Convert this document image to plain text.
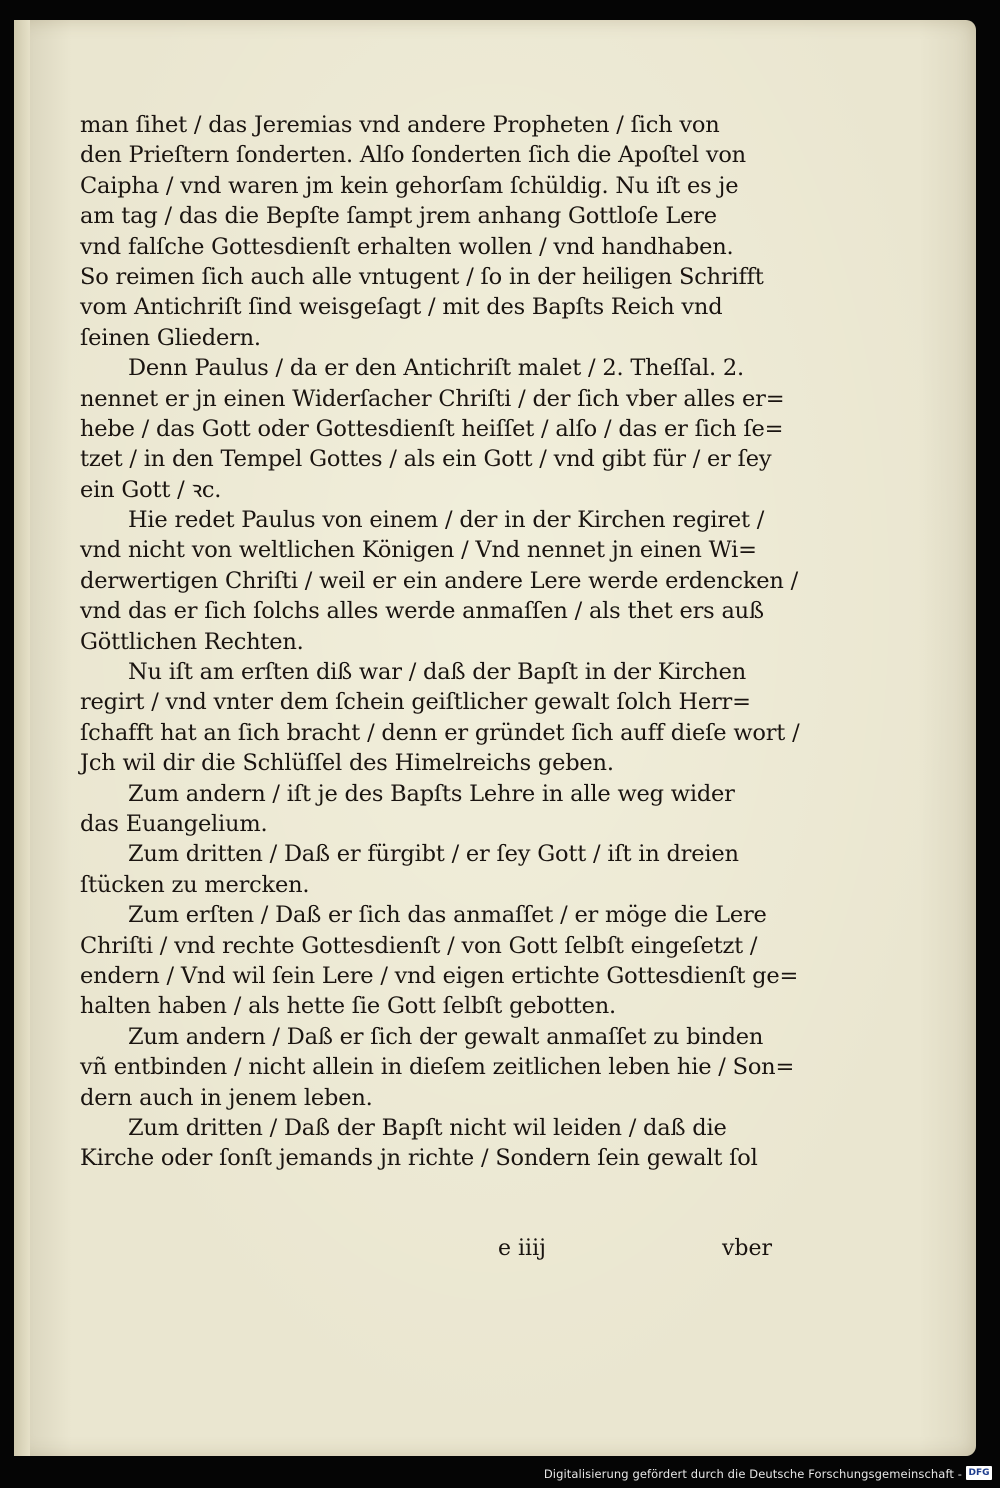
man ſihet / das Jeremias vnd andere Propheten / ſich von
den Prieſtern ſonderten. Alſo ſonderten ſich die Apoſtel von
Caipha / vnd waren jm kein gehorſam ſchüldig. Nu iſt es je
am tag / das die Bepſte ſampt jrem anhang Gottloſe Lere
vnd falſche Gottesdienſt erhalten wollen / vnd handhaben.
So reimen ſich auch alle vntugent / ſo in der heiligen Schrifft
vom Antichriſt ſind weisgeſagt / mit des Bapſts Reich vnd
ſeinen Gliedern.
Denn Paulus / da er den Antichriſt malet / 2. Theſſal. 2.
nennet er jn einen Widerſacher Chriſti / der ſich vber alles er=
hebe / das Gott oder Gottesdienſt heiſſet / alſo / das er ſich ſe=
tzet / in den Tempel Gottes / als ein Gott / vnd gibt für / er ſey
ein Gott / ꝛc.
Hie redet Paulus von einem / der in der Kirchen regiret /
vnd nicht von weltlichen Königen / Vnd nennet jn einen Wi=
derwertigen Chriſti / weil er ein andere Lere werde erdencken /
vnd das er ſich ſolchs alles werde anmaſſen / als thet ers auß
Göttlichen Rechten.
Nu iſt am erſten diß war / daß der Bapſt in der Kirchen
regirt / vnd vnter dem ſchein geiſtlicher gewalt ſolch Herr=
ſchafft hat an ſich bracht / denn er gründet ſich auff dieſe wort /
Jch wil dir die Schlüſſel des Himelreichs geben.
Zum andern / iſt je des Bapſts Lehre in alle weg wider
das Euangelium.
Zum dritten / Daß er fürgibt / er ſey Gott / iſt in dreien
ſtücken zu mercken.
Zum erſten / Daß er ſich das anmaſſet / er möge die Lere
Chriſti / vnd rechte Gottesdienſt / von Gott ſelbſt eingeſetzt /
endern / Vnd wil ſein Lere / vnd eigen ertichte Gottesdienſt ge=
halten haben / als hette ſie Gott ſelbſt gebotten.
Zum andern / Daß er ſich der gewalt anmaſſet zu binden
vñ entbinden / nicht allein in dieſem zeitlichen leben hie / Son=
dern auch in jenem leben.
Zum dritten / Daß der Bapſt nicht wil leiden / daß die
Kirche oder ſonſt jemands jn richte / Sondern ſein gewalt ſol
e iiij	vber
Digitalisierung gefördert durch die Deutsche Forschungsgemeinschaft - DFG
